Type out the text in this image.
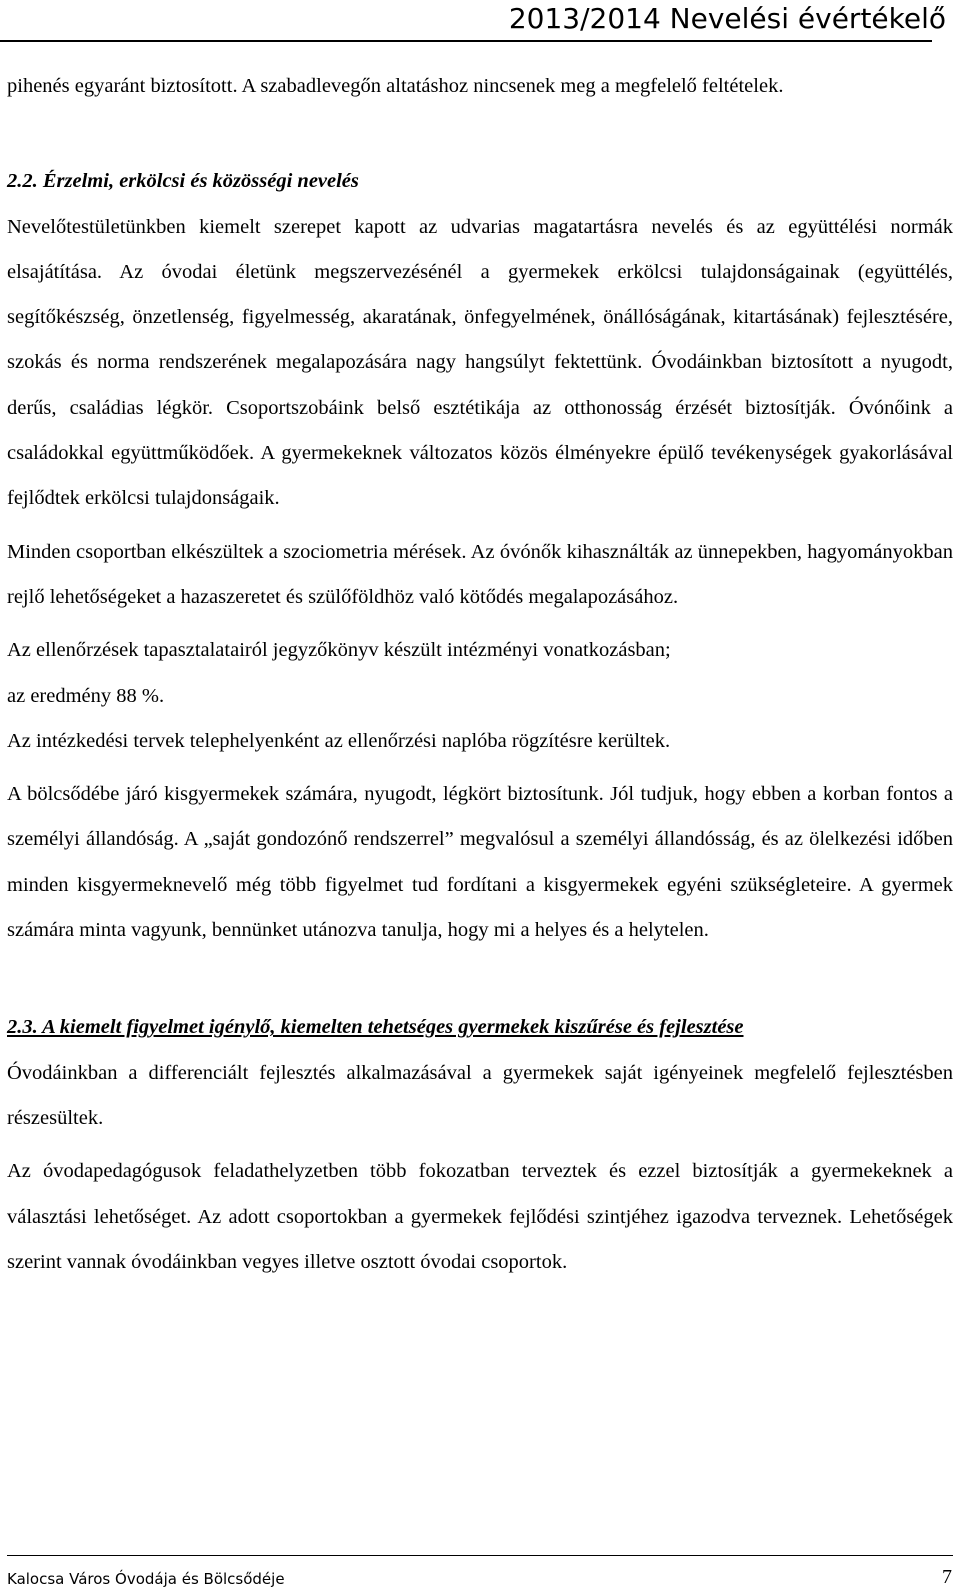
2013/2014 Nevelési évértékelő

pihenés egyaránt biztosított. A szabadlevegőn altatáshoz nincsenek meg a megfelelő feltételek.

2.2. Érzelmi, erkölcsi és közösségi nevelés

Nevelőtestületünkben kiemelt szerepet kapott az udvarias magatartásra nevelés és az együttélési normák elsajátítása. Az óvodai életünk megszervezésénél a gyermekek erkölcsi tulajdonságainak (együttélés, segítőkészség, önzetlenség, figyelmesség, akaratának, önfegyelmének, önállóságának, kitartásának) fejlesztésére, szokás és norma rendszerének megalapozására nagy hangsúlyt fektettünk. Óvodáinkban biztosított a nyugodt, derűs, családias légkör. Csoportszobáink belső esztétikája az otthonosság érzését biztosítják. Óvónőink a családokkal együttműködőek. A gyermekeknek változatos közös élményekre épülő tevékenységek gyakorlásával fejlődtek erkölcsi tulajdonságaik.

Minden csoportban elkészültek a szociometria mérések. Az óvónők kihasználták az ünnepekben, hagyományokban rejlő lehetőségeket a hazaszeretet és szülőföldhöz való kötődés megalapozásához.

Az ellenőrzések tapasztalatairól jegyzőkönyv készült intézményi vonatkozásban;

az eredmény 88 %.

Az intézkedési tervek telephelyenként az ellenőrzési naplóba rögzítésre kerültek.

A bölcsődébe járó kisgyermekek számára, nyugodt, légkört biztosítunk. Jól tudjuk, hogy ebben a korban fontos a személyi állandóság. A „saját gondozónő rendszerrel” megvalósul a személyi állandósság, és az ölelkezési időben minden kisgyermeknevelő még több figyelmet tud fordítani a kisgyermekek egyéni szükségleteire. A gyermek számára minta vagyunk, bennünket utánozva tanulja, hogy mi a helyes és a helytelen.

2.3. A kiemelt figyelmet igénylő, kiemelten tehetséges gyermekek kiszűrése és fejlesztése

Óvodáinkban a differenciált fejlesztés alkalmazásával a gyermekek saját igényeinek megfelelő fejlesztésben részesültek.

Az óvodapedagógusok feladathelyzetben több fokozatban terveztek és ezzel biztosítják a gyermekeknek a választási lehetőséget. Az adott csoportokban a gyermekek fejlődési szintjéhez igazodva terveznek. Lehetőségek szerint vannak óvodáinkban vegyes illetve osztott óvodai csoportok.

Kalocsa Város Óvodája és Bölcsődéje	7
